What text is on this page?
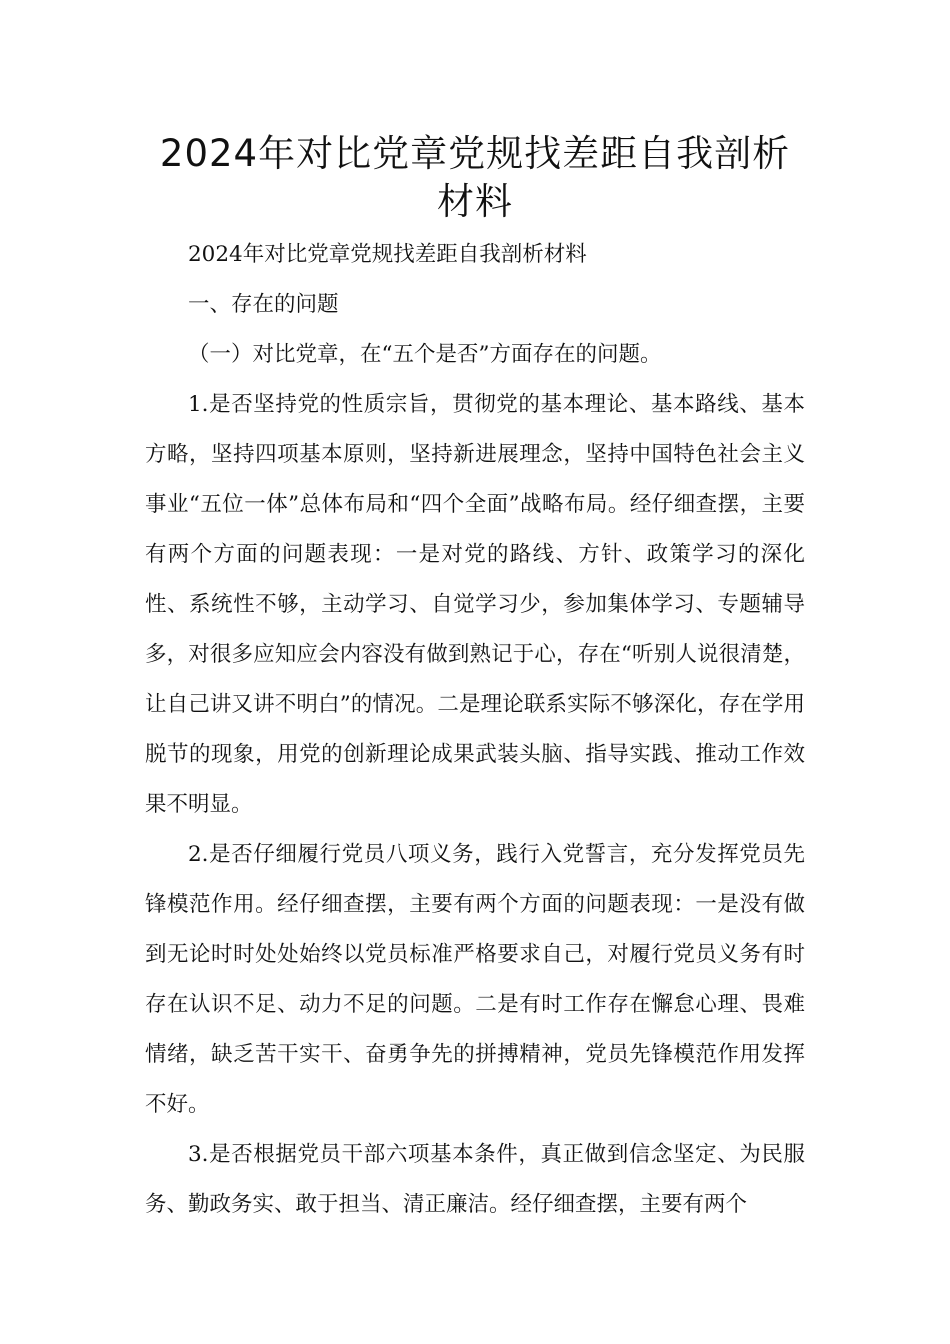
2024年对比党章党规找差距自我剖析材料

2024年对比党章党规找差距自我剖析材料

一、存在的问题

（一）对比党章，在“五个是否”方面存在的问题。

1.是否坚持党的性质宗旨，贯彻党的基本理论、基本路线、基本方略，坚持四项基本原则，坚持新进展理念，坚持中国特色社会主义事业“五位一体”总体布局和“四个全面”战略布局。经仔细查摆，主要有两个方面的问题表现：一是对党的路线、方针、政策学习的深化性、系统性不够，主动学习、自觉学习少，参加集体学习、专题辅导多，对很多应知应会内容没有做到熟记于心，存在“听别人说很清楚，让自己讲又讲不明白”的情况。二是理论联系实际不够深化，存在学用脱节的现象，用党的创新理论成果武装头脑、指导实践、推动工作效果不明显。

2.是否仔细履行党员八项义务，践行入党誓言，充分发挥党员先锋模范作用。经仔细查摆，主要有两个方面的问题表现：一是没有做到无论时时处处始终以党员标准严格要求自己，对履行党员义务有时存在认识不足、动力不足的问题。二是有时工作存在懈怠心理、畏难情绪，缺乏苦干实干、奋勇争先的拼搏精神，党员先锋模范作用发挥不好。

3.是否根据党员干部六项基本条件，真正做到信念坚定、为民服务、勤政务实、敢于担当、清正廉洁。经仔细查摆，主要有两个
